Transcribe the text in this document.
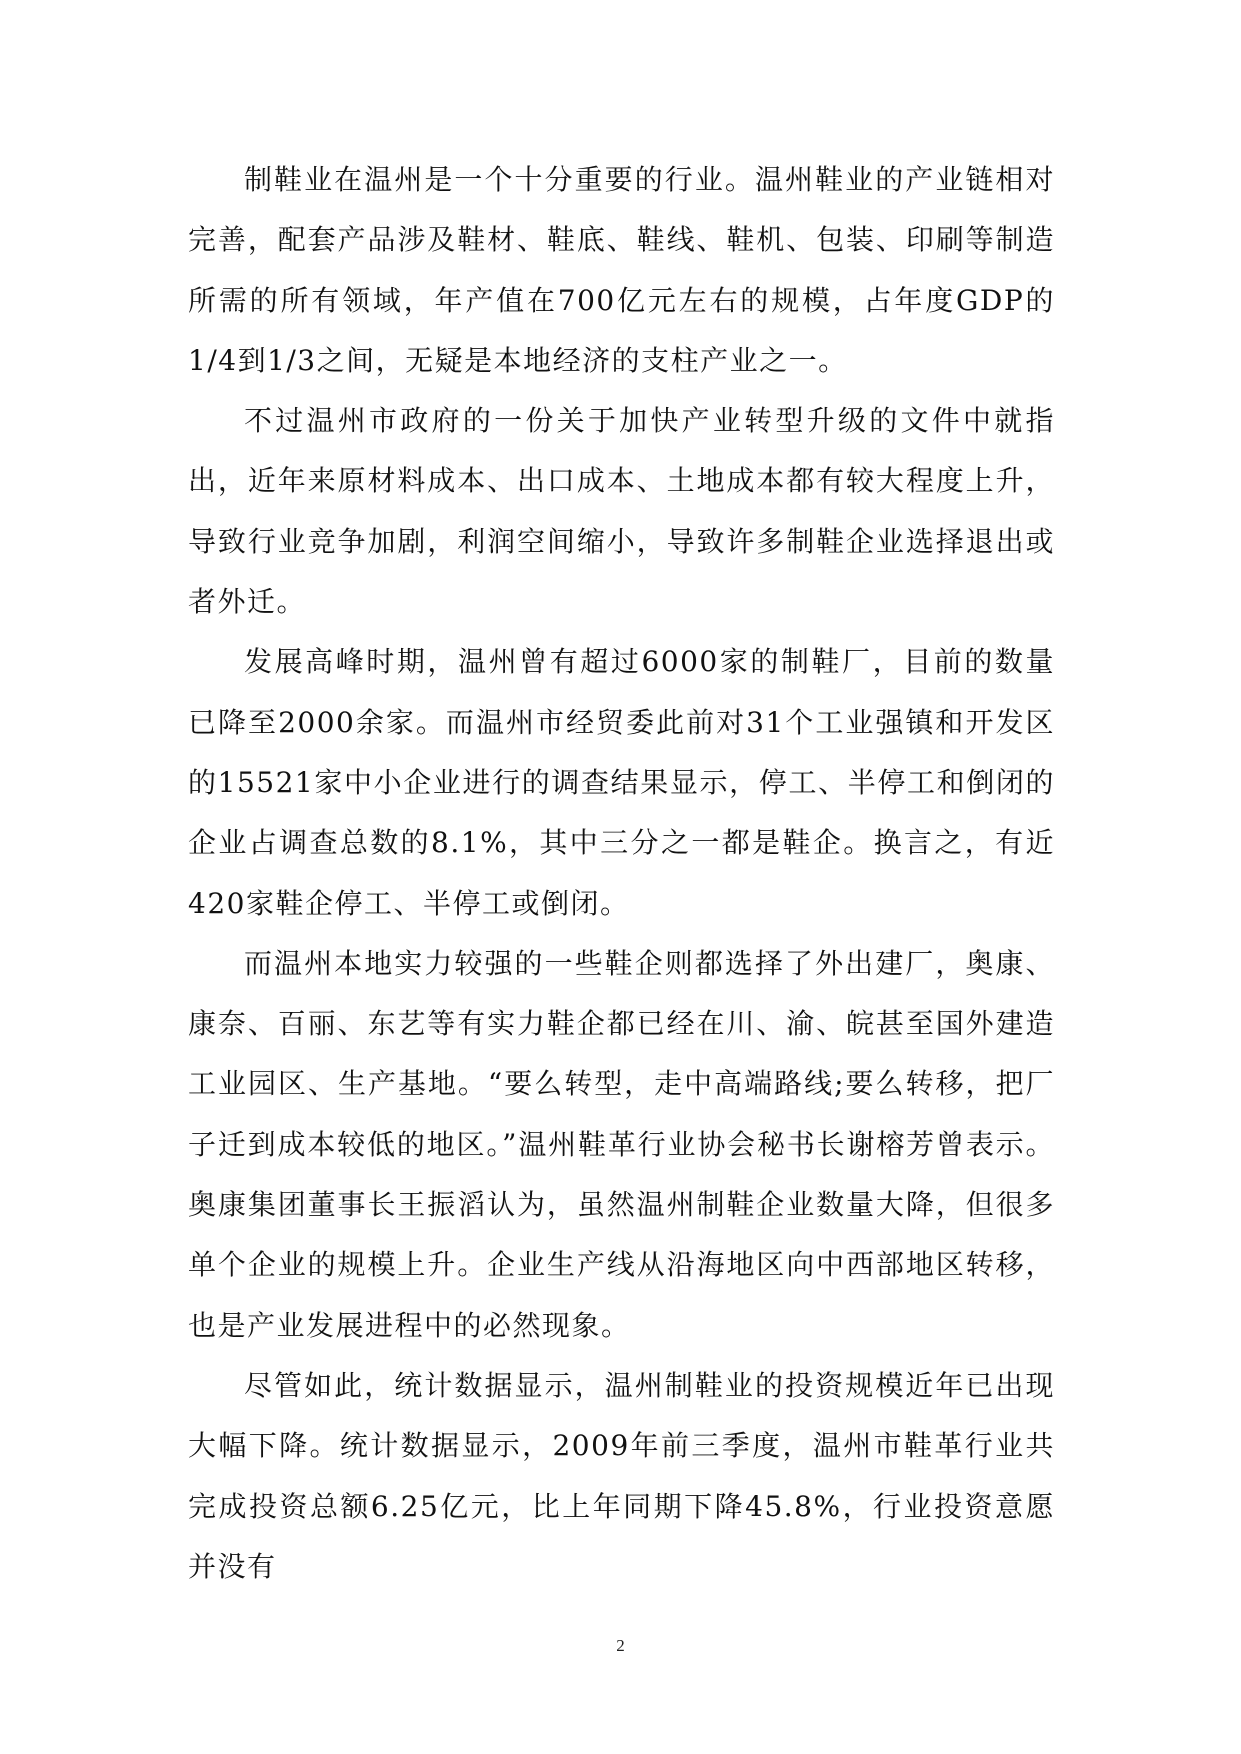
制鞋业在温州是一个十分重要的行业。温州鞋业的产业链相对完善，配套产品涉及鞋材、鞋底、鞋线、鞋机、包装、印刷等制造所需的所有领域，年产值在700亿元左右的规模，占年度GDP的1/4到1/3之间，无疑是本地经济的支柱产业之一。

不过温州市政府的一份关于加快产业转型升级的文件中就指出，近年来原材料成本、出口成本、土地成本都有较大程度上升，导致行业竞争加剧，利润空间缩小，导致许多制鞋企业选择退出或者外迁。

发展高峰时期，温州曾有超过6000家的制鞋厂，目前的数量已降至2000余家。而温州市经贸委此前对31个工业强镇和开发区的15521家中小企业进行的调查结果显示，停工、半停工和倒闭的企业占调查总数的8.1%，其中三分之一都是鞋企。换言之，有近420家鞋企停工、半停工或倒闭。

而温州本地实力较强的一些鞋企则都选择了外出建厂，奥康、康奈、百丽、东艺等有实力鞋企都已经在川、渝、皖甚至国外建造工业园区、生产基地。“要么转型，走中高端路线;要么转移，把厂子迁到成本较低的地区。”温州鞋革行业协会秘书长谢榕芳曾表示。奥康集团董事长王振滔认为，虽然温州制鞋企业数量大降，但很多单个企业的规模上升。企业生产线从沿海地区向中西部地区转移，也是产业发展进程中的必然现象。

尽管如此，统计数据显示，温州制鞋业的投资规模近年已出现大幅下降。统计数据显示，2009年前三季度，温州市鞋革行业共完成投资总额6.25亿元，比上年同期下降45.8%，行业投资意愿并没有

2
